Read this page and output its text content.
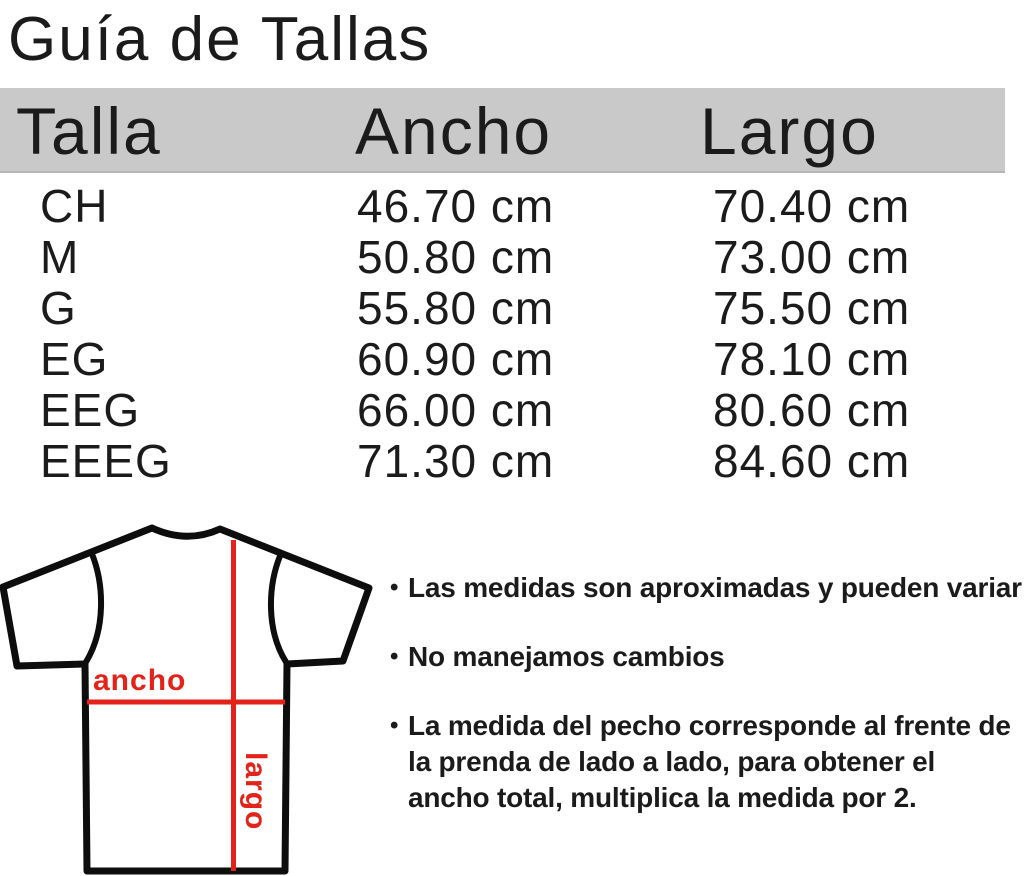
Guía de Tallas
Talla	Ancho Largo
CH	46.70 cm	70.40 cm
M	50.80 cm	73.00 cm
G	55.80 cm	75.50 cm
EG	60.90 cm	78.10 cm
EEG	66.00 cm	80.60 cm
EEEG	71.30 cm	84.60 cm
ancho
largo
• Las medidas son aproximadas y pueden variar
• No manejamos cambios
• La medida del pecho corresponde al frente de la prenda de lado a lado, para obtener el ancho total, multiplica la medida por 2.
